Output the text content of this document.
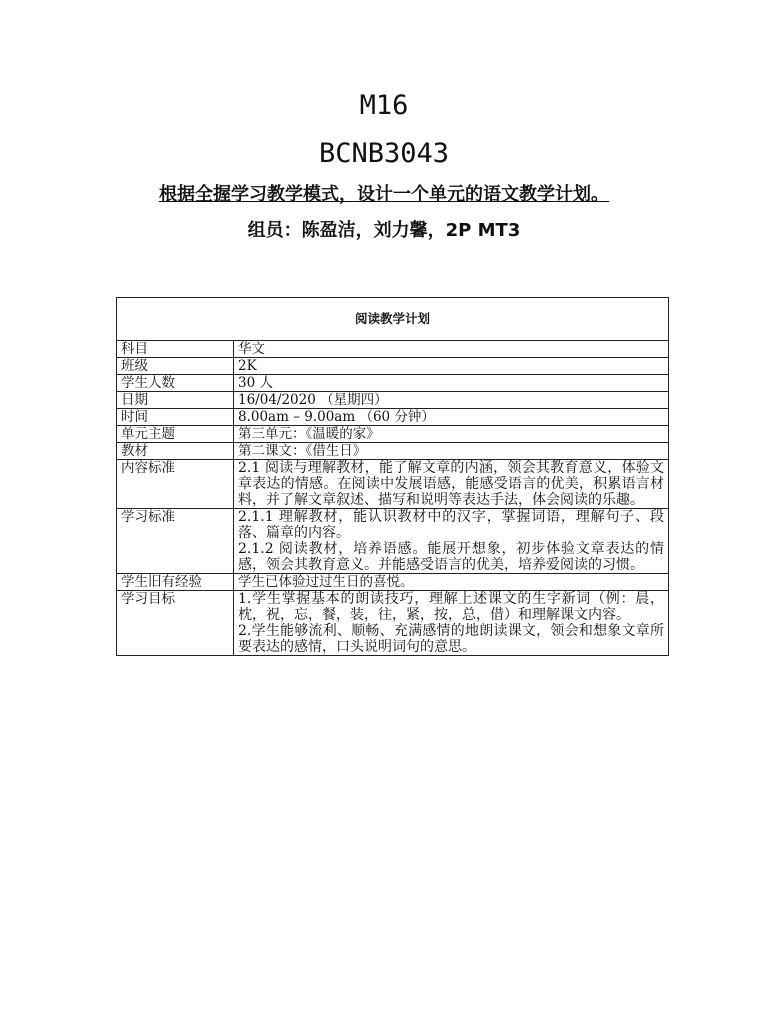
M16
BCNB3043
根据全握学习教学模式，设计一个单元的语文教学计划。
组员：陈盈洁，刘力馨，2P MT3
阅读教学计划	
科目	华文
班级	2K
学生人数	30 人
日期	16/04/2020 （星期四）
时间	8.00am – 9.00am （60 分钟）
单元主题	第三单元：《温暖的家》
教材	第二课文：《借生日》
内容标准	2.1 阅读与理解教材，能了解文章的内涵，领会其教育意义，体验文章表达的情感。在阅读中发展语感，能感受语言的优美，积累语言材料，并了解文章叙述、描写和说明等表达手法，体会阅读的乐趣。

学习标准	2.1.1 理解教材，能认识教材中的汉字，掌握词语，理解句子、段落、篇章的内容。

2.1.2 阅读教材，培养语感。能展开想象，初步体验文章表达的情感，领会其教育意义。并能感受语言的优美，培养爱阅读的习惯。

学生旧有经验	学生已体验过过生日的喜悦。
学习目标	1.学生掌握基本的朗读技巧，理解上述课文的生字新词（例：晨，枕，祝，忘，餐，装，往，紧，按，总，借）和理解课文内容。

2.学生能够流利、顺畅、充满感情的地朗读课文，领会和想象文章所要表达的感情，口头说明词句的意思。
